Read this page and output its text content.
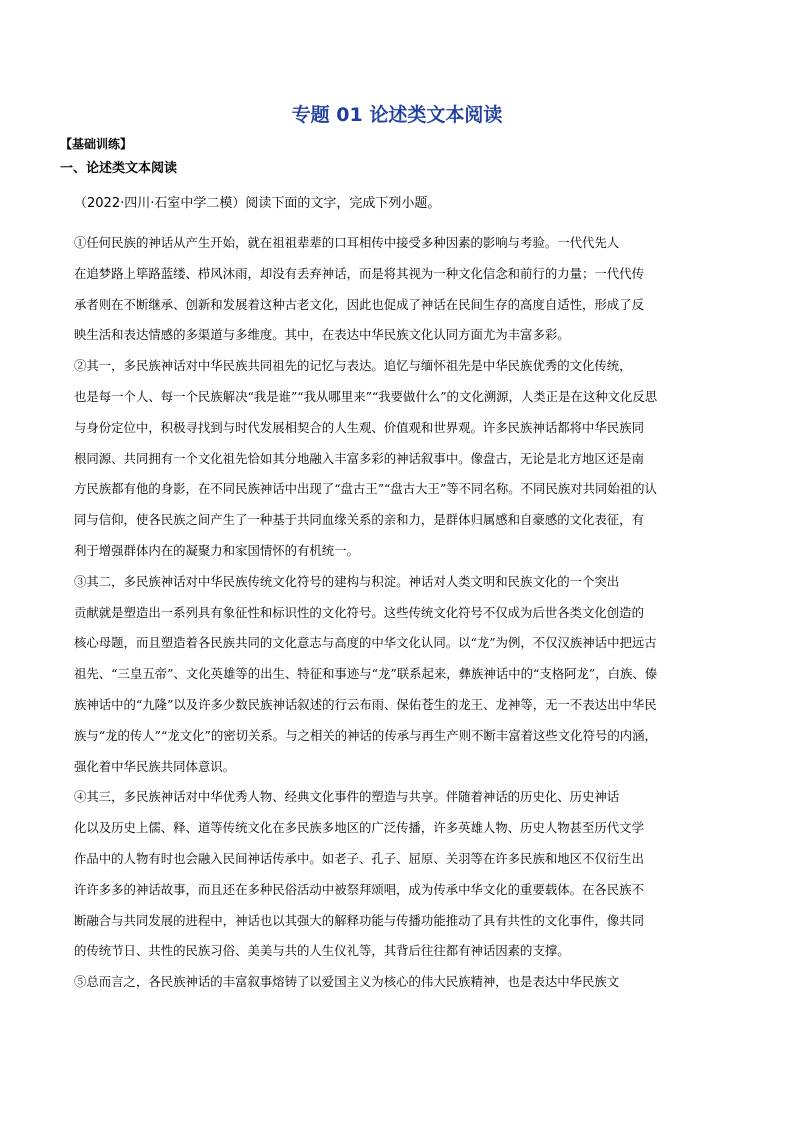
专题 01 论述类文本阅读
【基础训练】
一、论述类文本阅读
（2022·四川·石室中学二模）阅读下面的文字，完成下列小题。
①任何民族的神话从产生开始，就在祖祖辈辈的口耳相传中接受多种因素的影响与考验。一代代先人
在追梦路上筚路蓝缕、栉风沐雨，却没有丢弃神话，而是将其视为一种文化信念和前行的力量；一代代传
承者则在不断继承、创新和发展着这种古老文化，因此也促成了神话在民间生存的高度自适性，形成了反
映生活和表达情感的多渠道与多维度。其中，在表达中华民族文化认同方面尤为丰富多彩。
②其一，多民族神话对中华民族共同祖先的记忆与表达。追忆与缅怀祖先是中华民族优秀的文化传统，
也是每一个人、每一个民族解决“我是谁”“我从哪里来”“我要做什么”的文化溯源，人类正是在这种文化反思
与身份定位中，积极寻找到与时代发展相契合的人生观、价值观和世界观。许多民族神话都将中华民族同
根同源、共同拥有一个文化祖先恰如其分地融入丰富多彩的神话叙事中。像盘古，无论是北方地区还是南
方民族都有他的身影，在不同民族神话中出现了“盘古王”“盘古大王”等不同名称。不同民族对共同始祖的认
同与信仰，使各民族之间产生了一种基于共同血缘关系的亲和力，是群体归属感和自豪感的文化表征，有
利于增强群体内在的凝聚力和家国情怀的有机统一。
③其二，多民族神话对中华民族传统文化符号的建构与积淀。神话对人类文明和民族文化的一个突出
贡献就是塑造出一系列具有象征性和标识性的文化符号。这些传统文化符号不仅成为后世各类文化创造的
核心母题，而且塑造着各民族共同的文化意志与高度的中华文化认同。以“龙”为例，不仅汉族神话中把远古
祖先、“三皇五帝”、文化英雄等的出生、特征和事迹与“龙”联系起来，彝族神话中的“支格阿龙”，白族、傣
族神话中的“九隆”以及许多少数民族神话叙述的行云布雨、保佑苍生的龙王、龙神等，无一不表达出中华民
族与“龙的传人”“龙文化”的密切关系。与之相关的神话的传承与再生产则不断丰富着这些文化符号的内涵，
强化着中华民族共同体意识。
④其三，多民族神话对中华优秀人物、经典文化事件的塑造与共享。伴随着神话的历史化、历史神话
化以及历史上儒、释、道等传统文化在多民族多地区的广泛传播，许多英雄人物、历史人物甚至历代文学
作品中的人物有时也会融入民间神话传承中。如老子、孔子、屈原、关羽等在许多民族和地区不仅衍生出
许许多多的神话故事，而且还在多种民俗活动中被祭拜颂唱，成为传承中华文化的重要载体。在各民族不
断融合与共同发展的进程中，神话也以其强大的解释功能与传播功能推动了具有共性的文化事件，像共同
的传统节日、共性的民族习俗、美美与共的人生仪礼等，其背后往往都有神话因素的支撑。
⑤总而言之，各民族神话的丰富叙事熔铸了以爱国主义为核心的伟大民族精神，也是表达中华民族文
